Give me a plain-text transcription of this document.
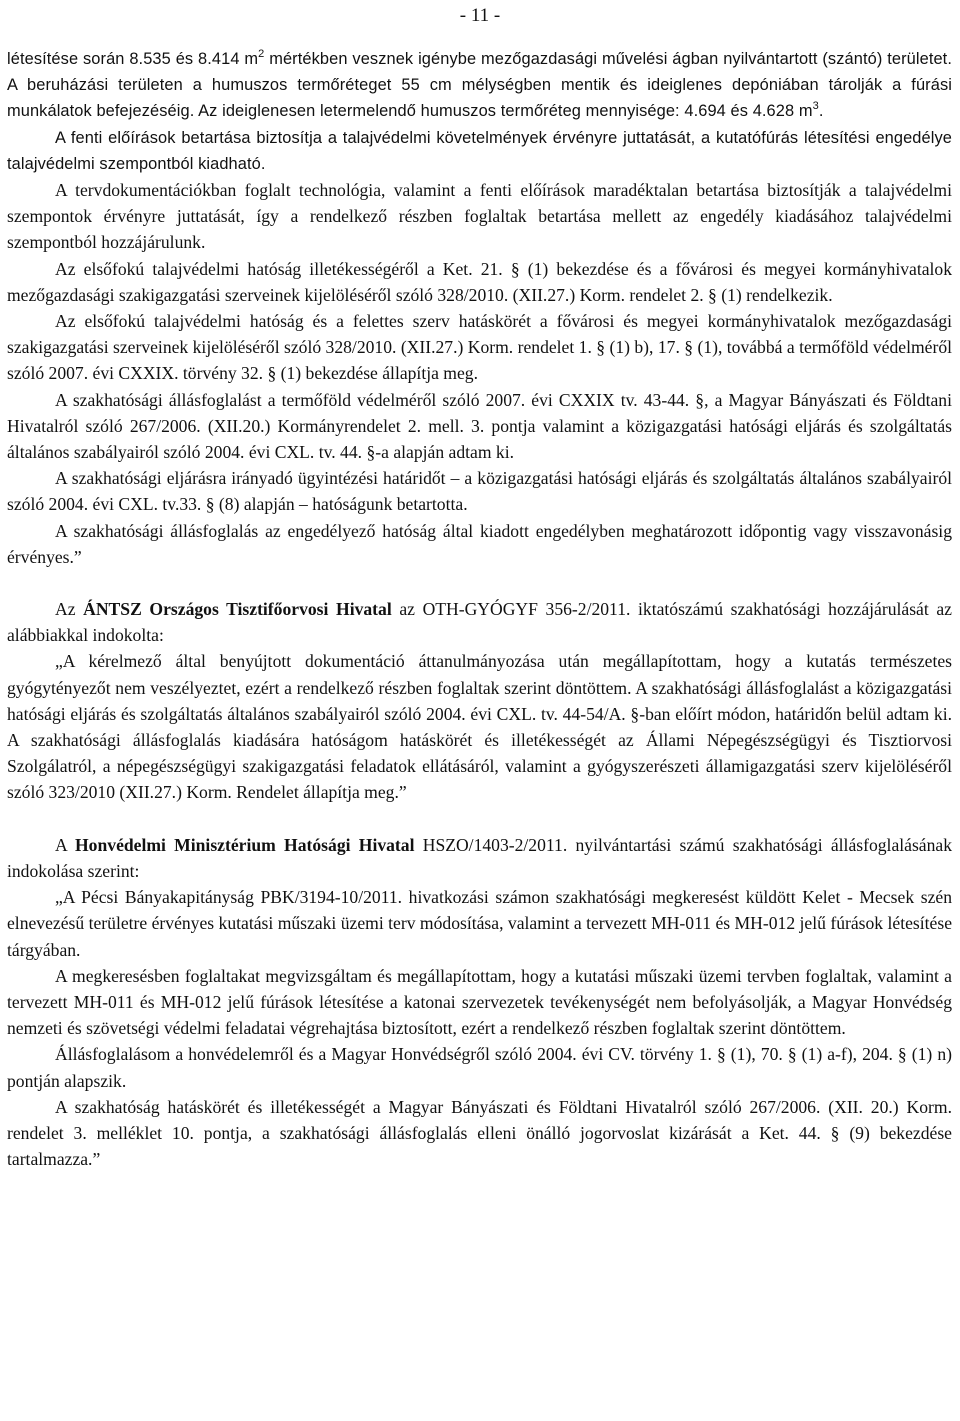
- 11 -

létesítése során 8.535 és 8.414 $m^2$ mértékben vesznek igénybe mezőgazdasági művelési ágban nyilvántartott (szántó) területet. A beruházási területen a humuszos termőréteget 55 cm mélységben mentik és ideiglenes depóniában tárolják a fúrási munkálatok befejezéséig. Az ideiglenesen letermelendő humuszos termőréteg mennyisége: 4.694 és 4.628 $m^3$.

A fenti előírások betartása biztosítja a talajvédelmi követelmények érvényre juttatását, a kutatófúrás létesítési engedélye talajvédelmi szempontból kiadható.

A tervdokumentációkban foglalt technológia, valamint a fenti előírások maradéktalan betartása biztosítják a talajvédelmi szempontok érvényre juttatását, így a rendelkező részben foglaltak betartása mellett az engedély kiadásához talajvédelmi szempontból hozzájárulunk.

Az elsőfokú talajvédelmi hatóság illetékességéről a Ket. 21. § (1) bekezdése és a fővárosi és megyei kormányhivatalok mezőgazdasági szakigazgatási szerveinek kijelöléséről szóló 328/2010. (XII.27.) Korm. rendelet 2. § (1) rendelkezik.

Az elsőfokú talajvédelmi hatóság és a felettes szerv hatáskörét a fővárosi és megyei kormányhivatalok mezőgazdasági szakigazgatási szerveinek kijelöléséről szóló 328/2010. (XII.27.) Korm. rendelet 1. § (1) b), 17. § (1), továbbá a termőföld védelméről szóló 2007. évi CXXIX. törvény 32. § (1) bekezdése állapítja meg.

A szakhatósági állásfoglalást a termőföld védelméről szóló 2007. évi CXXIX tv. 43-44. §, a Magyar Bányászati és Földtani Hivatalról szóló 267/2006. (XII.20.) Kormányrendelet 2. mell. 3. pontja valamint a közigazgatási hatósági eljárás és szolgáltatás általános szabályairól szóló 2004. évi CXL. tv. 44. §-a alapján adtam ki.

A szakhatósági eljárásra irányadó ügyintézési határidőt – a közigazgatási hatósági eljárás és szolgáltatás általános szabályairól szóló 2004. évi CXL. tv.33. § (8) alapján – hatóságunk betartotta.

A szakhatósági állásfoglalás az engedélyező hatóság által kiadott engedélyben meghatározott időpontig vagy visszavonásig érvényes.”

Az ÁNTSZ Országos Tisztifőorvosi Hivatal az OTH-GYÓGYF 356-2/2011. iktatószámú szakhatósági hozzájárulását az alábbiakkal indokolta:

„A kérelmező által benyújtott dokumentáció áttanulmányozása után megállapítottam, hogy a kutatás természetes gyógytényezőt nem veszélyeztet, ezért a rendelkező részben foglaltak szerint döntöttem. A szakhatósági állásfoglalást a közigazgatási hatósági eljárás és szolgáltatás általános szabályairól szóló 2004. évi CXL. tv. 44-54/A. §-ban előírt módon, határidőn belül adtam ki. A szakhatósági állásfoglalás kiadására hatóságom hatáskörét és illetékességét az Állami Népegészségügyi és Tisztiorvosi Szolgálatról, a népegészségügyi szakigazgatási feladatok ellátásáról, valamint a gyógyszerészeti államigazgatási szerv kijelöléséről szóló 323/2010 (XII.27.) Korm. Rendelet állapítja meg.”

A Honvédelmi Minisztérium Hatósági Hivatal HSZO/1403-2/2011. nyilvántartási számú szakhatósági állásfoglalásának indokolása szerint:

„A Pécsi Bányakapitányság PBK/3194-10/2011. hivatkozási számon szakhatósági megkeresést küldött Kelet - Mecsek szén elnevezésű területre érvényes kutatási műszaki üzemi terv módosítása, valamint a tervezett MH-011 és MH-012 jelű fúrások létesítése tárgyában.

A megkeresésben foglaltakat megvizsgáltam és megállapítottam, hogy a kutatási műszaki üzemi tervben foglaltak, valamint a tervezett MH-011 és MH-012 jelű fúrások létesítése a katonai szervezetek tevékenységét nem befolyásolják, a Magyar Honvédség nemzeti és szövetségi védelmi feladatai végrehajtása biztosított, ezért a rendelkező részben foglaltak szerint döntöttem.

Állásfoglalásom a honvédelemről és a Magyar Honvédségről szóló 2004. évi CV. törvény 1. § (1), 70. § (1) a-f), 204. § (1) n) pontján alapszik.

A szakhatóság hatáskörét és illetékességét a Magyar Bányászati és Földtani Hivatalról szóló 267/2006. (XII. 20.) Korm. rendelet 3. melléklet 10. pontja, a szakhatósági állásfoglalás elleni önálló jogorvoslat kizárását a Ket. 44. § (9) bekezdése tartalmazza.”
